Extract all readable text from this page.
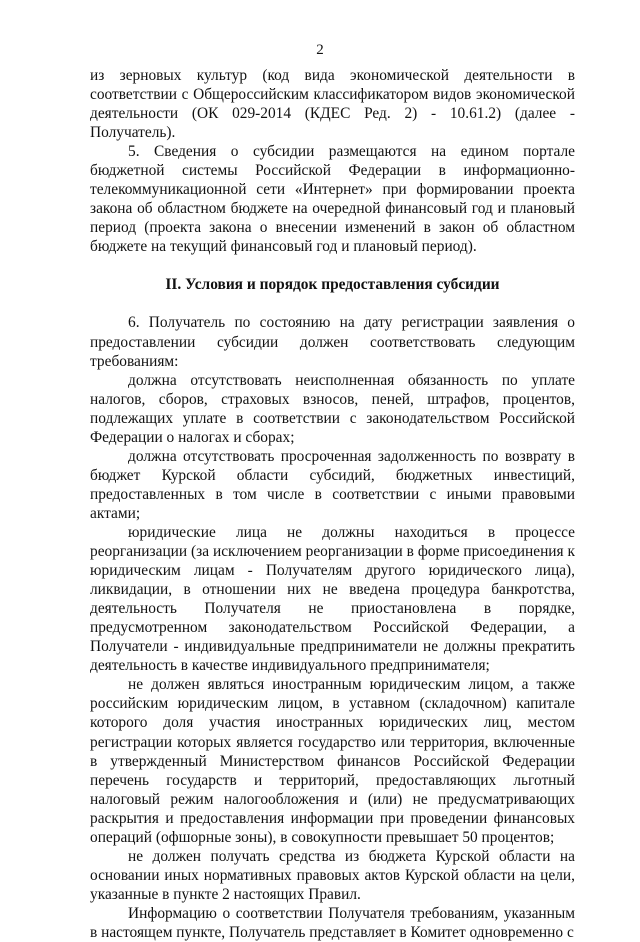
2

из зерновых культур (код вида экономической деятельности в соответствии с Общероссийским классификатором видов экономической деятельности (ОК 029-2014 (КДЕС Ред. 2) - 10.61.2) (далее - Получатель).

5. Сведения о субсидии размещаются на едином портале бюджетной системы Российской Федерации в информационно-телекоммуникационной сети «Интернет» при формировании проекта закона об областном бюджете на очередной финансовый год и плановый период (проекта закона о внесении изменений в закон об областном бюджете на текущий финансовый год и плановый период).

II. Условия и порядок предоставления субсидии

6. Получатель по состоянию на дату регистрации заявления о предоставлении субсидии должен соответствовать следующим требованиям:

должна отсутствовать неисполненная обязанность по уплате налогов, сборов, страховых взносов, пеней, штрафов, процентов, подлежащих уплате в соответствии с законодательством Российской Федерации о налогах и сборах;

должна отсутствовать просроченная задолженность по возврату в бюджет Курской области субсидий, бюджетных инвестиций, предоставленных в том числе в соответствии с иными правовыми актами;

юридические лица не должны находиться в процессе реорганизации (за исключением реорганизации в форме присоединения к юридическим лицам - Получателям другого юридического лица), ликвидации, в отношении них не введена процедура банкротства, деятельность Получателя не приостановлена в порядке, предусмотренном законодательством Российской Федерации, а Получатели - индивидуальные предприниматели не должны прекратить деятельность в качестве индивидуального предпринимателя;

не должен являться иностранным юридическим лицом, а также российским юридическим лицом, в уставном (складочном) капитале которого доля участия иностранных юридических лиц, местом регистрации которых является государство или территория, включенные в утвержденный Министерством финансов Российской Федерации перечень государств и территорий, предоставляющих льготный налоговый режим налогообложения и (или) не предусматривающих раскрытия и предоставления информации при проведении финансовых операций (офшорные зоны), в совокупности превышает 50 процентов;

не должен получать средства из бюджета Курской области на основании иных нормативных правовых актов Курской области на цели, указанные в пункте 2 настоящих Правил.

Информацию о соответствии Получателя требованиям, указанным в настоящем пункте, Получатель представляет в Комитет одновременно с
